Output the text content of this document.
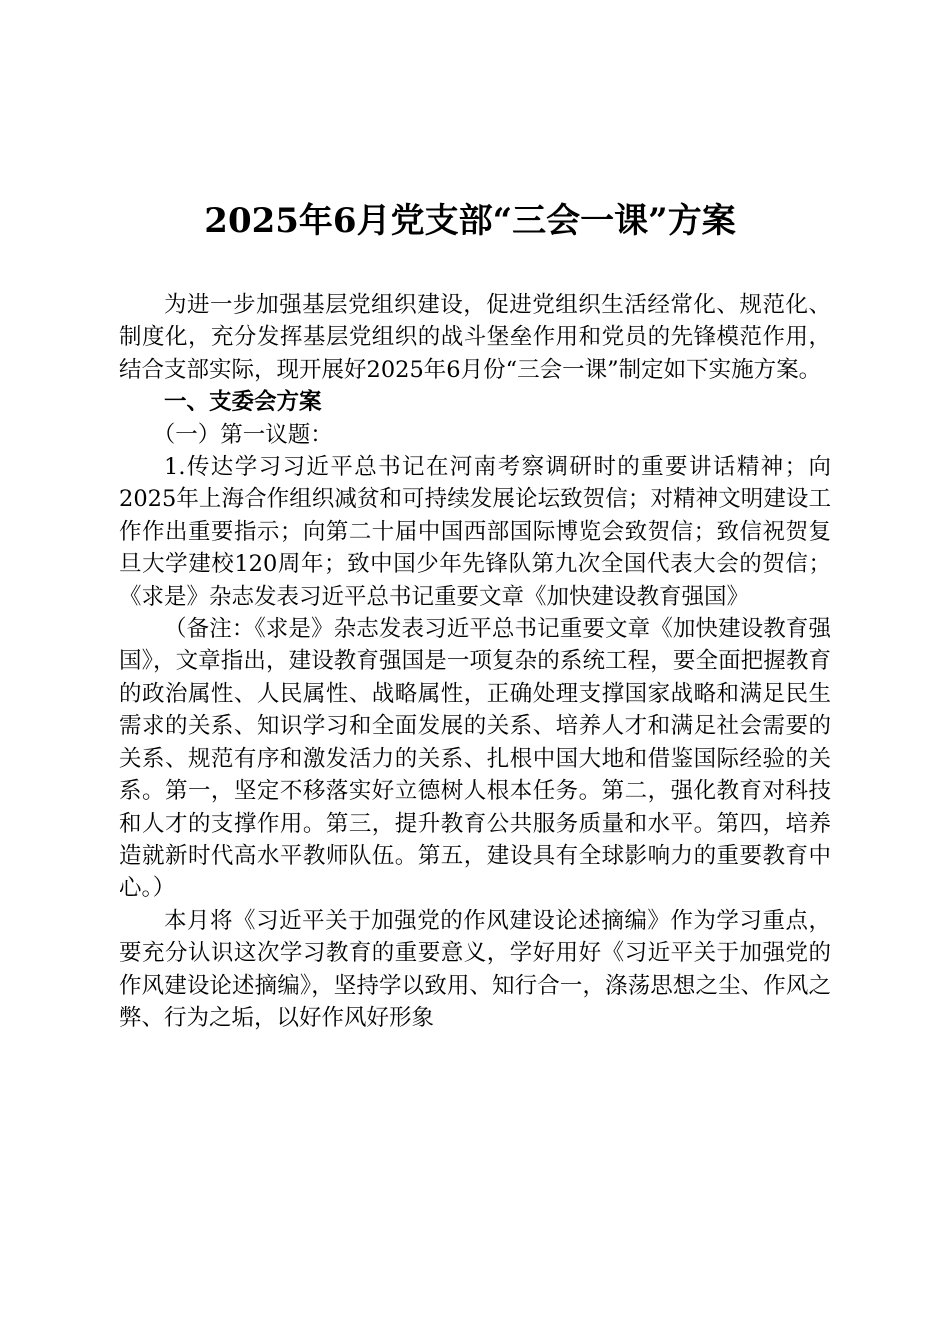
2025年6月党支部“三会一课”方案

为进一步加强基层党组织建设，促进党组织生活经常化、规范化、制度化，充分发挥基层党组织的战斗堡垒作用和党员的先锋模范作用，结合支部实际，现开展好2025年6月份“三会一课”制定如下实施方案。

一、支委会方案

（一）第一议题：

1.传达学习习近平总书记在河南考察调研时的重要讲话精神；向2025年上海合作组织减贫和可持续发展论坛致贺信；对精神文明建设工作作出重要指示；向第二十届中国西部国际博览会致贺信；致信祝贺复旦大学建校120周年；致中国少年先锋队第九次全国代表大会的贺信；《求是》杂志发表习近平总书记重要文章《加快建设教育强国》

（备注：《求是》杂志发表习近平总书记重要文章《加快建设教育强国》，文章指出，建设教育强国是一项复杂的系统工程，要全面把握教育的政治属性、人民属性、战略属性，正确处理支撑国家战略和满足民生需求的关系、知识学习和全面发展的关系、培养人才和满足社会需要的关系、规范有序和激发活力的关系、扎根中国大地和借鉴国际经验的关系。第一，坚定不移落实好立德树人根本任务。第二，强化教育对科技和人才的支撑作用。第三，提升教育公共服务质量和水平。第四，培养造就新时代高水平教师队伍。第五，建设具有全球影响力的重要教育中心。）

本月将《习近平关于加强党的作风建设论述摘编》作为学习重点，要充分认识这次学习教育的重要意义，学好用好《习近平关于加强党的作风建设论述摘编》，坚持学以致用、知行合一，涤荡思想之尘、作风之弊、行为之垢，以好作风好形象
